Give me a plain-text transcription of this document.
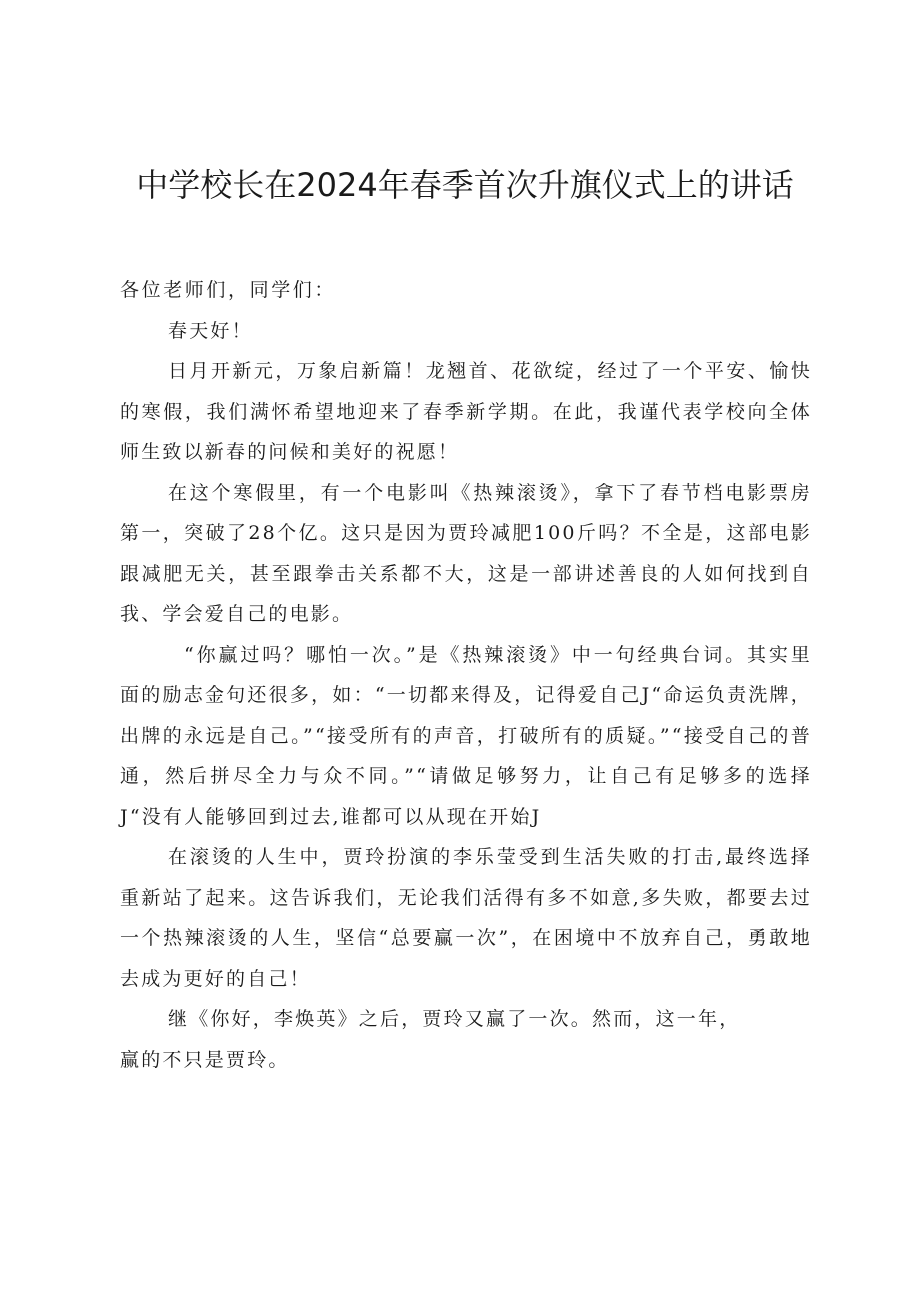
中学校长在2024年春季首次升旗仪式上的讲话

各位老师们，同学们：

春天好！

日月开新元，万象启新篇！龙翘首、花欲绽，经过了一个平安、愉快的寒假，我们满怀希望地迎来了春季新学期。在此，我谨代表学校向全体师生致以新春的问候和美好的祝愿！

在这个寒假里，有一个电影叫《热辣滚烫》，拿下了春节档电影票房第一，突破了28个亿。这只是因为贾玲减肥100斤吗？不全是，这部电影跟减肥无关，甚至跟拳击关系都不大，这是一部讲述善良的人如何找到自我、学会爱自己的电影。

“你赢过吗？哪怕一次。”是《热辣滚烫》中一句经典台词。其实里面的励志金句还很多，如：“一切都来得及，记得爱自己J“命运负责洗牌，出牌的永远是自己。”“接受所有的声音，打破所有的质疑。”“接受自己的普通，然后拼尽全力与众不同。”“请做足够努力，让自己有足够多的选择J“没有人能够回到过去,谁都可以从现在开始J

在滚烫的人生中，贾玲扮演的李乐莹受到生活失败的打击,最终选择重新站了起来。这告诉我们，无论我们活得有多不如意,多失败，都要去过一个热辣滚烫的人生，坚信“总要赢一次”，在困境中不放弃自己，勇敢地去成为更好的自己！

继《你好，李焕英》之后，贾玲又赢了一次。然而，这一年，

赢的不只是贾玲。
